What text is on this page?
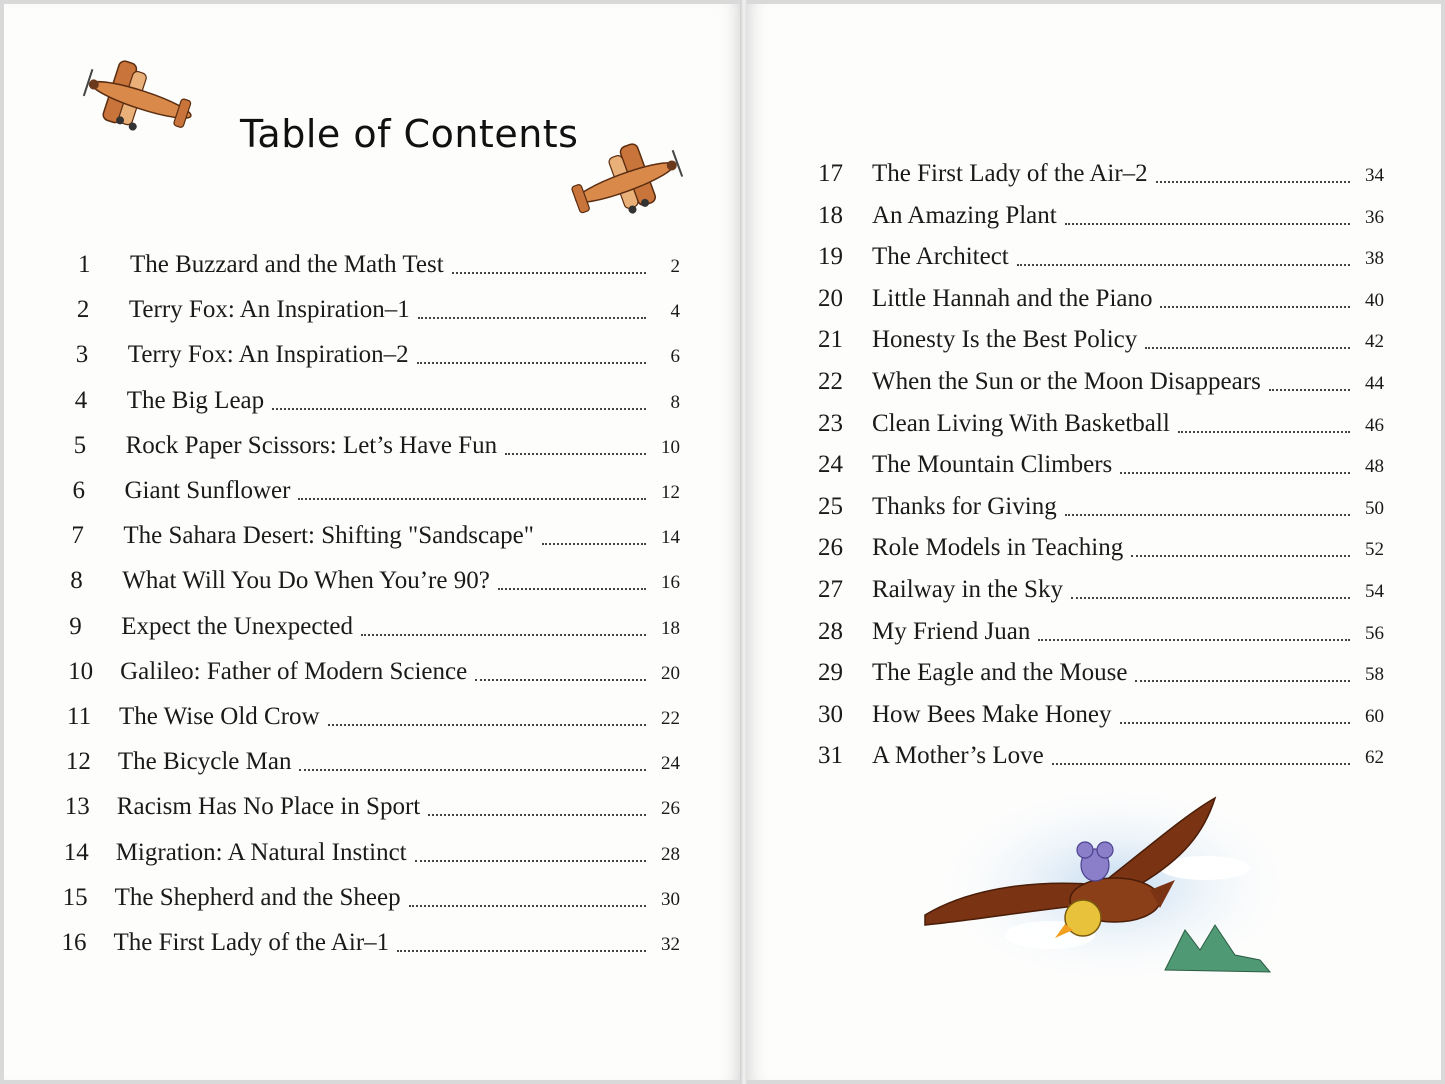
Table of Contents
1	The Buzzard and the Math Test	2
2	Terry Fox: An Inspiration–1	4
3	Terry Fox: An Inspiration–2	6
4	The Big Leap	8
5	Rock Paper Scissors: Let’s Have Fun	10
6	Giant Sunflower	12
7	The Sahara Desert: Shifting "Sandscape"	14
8	What Will You Do When You’re 90?	16
9	Expect the Unexpected	18
10	Galileo: Father of Modern Science	20
11	The Wise Old Crow	22
12	The Bicycle Man	24
13	Racism Has No Place in Sport	26
14	Migration: A Natural Instinct	28
15	The Shepherd and the Sheep	30
16	The First Lady of the Air–1	32
17	The First Lady of the Air–2	34
18	An Amazing Plant	36
19	The Architect	38
20	Little Hannah and the Piano	40
21	Honesty Is the Best Policy	42
22	When the Sun or the Moon Disappears	44
23	Clean Living With Basketball	46
24	The Mountain Climbers	48
25	Thanks for Giving	50
26	Role Models in Teaching	52
27	Railway in the Sky	54
28	My Friend Juan	56
29	The Eagle and the Mouse	58
30	How Bees Make Honey	60
31	A Mother’s Love	62
